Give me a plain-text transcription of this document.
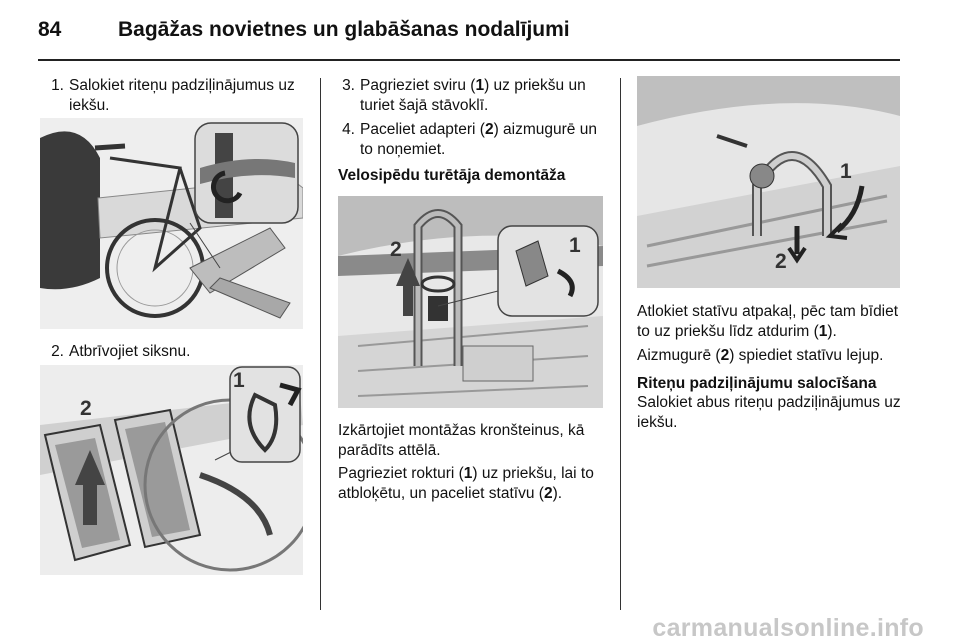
84	Bagāžas novietnes un glabāšanas nodalījumi
1. Salokiet riteņu padziļinājumus uz iekšu.
2. Atbrīvojiet siksnu.
1
2
3. Pagrieziet sviru (1) uz priekšu un turiet šajā stāvoklī.
4. Paceliet adapteri (2) aizmugurē un to noņemiet.
Velosipēdu turētāja demontāža
2	1
Izkārtojiet montāžas kronšteinus, kā parādīts attēlā.
Pagrieziet rokturi (1) uz priekšu, lai to atbloķētu, un paceliet statīvu (2).
1
2
Atlokiet statīvu atpakaļ, pēc tam bīdiet to uz priekšu līdz atdurim (1).
Aizmugurē (2) spiediet statīvu lejup.
Riteņu padziļinājumu salocīšana
Salokiet abus riteņu padziļinājumus uz iekšu.
carmanualsonline.info
